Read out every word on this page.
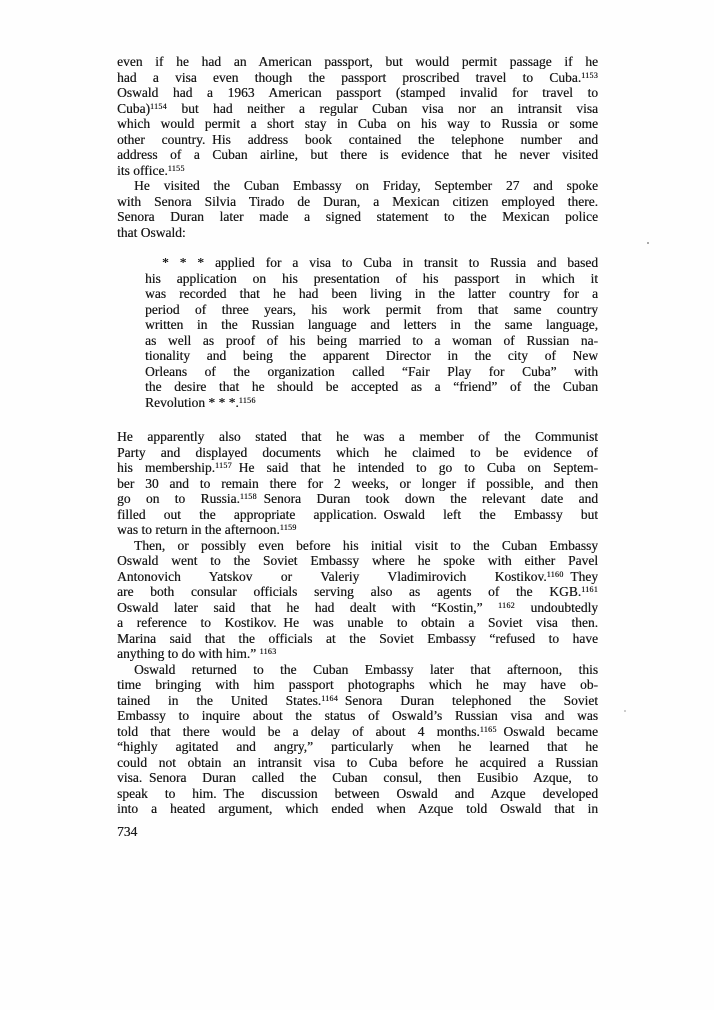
even if he had an American passport, but would permit passage if he
had a visa even though the passport proscribed travel to Cuba.$^{1153}$
Oswald had a 1963 American passport (stamped invalid for travel to
Cuba)$^{1154}$ but had neither a regular Cuban visa nor an intransit visa
which would permit a short stay in Cuba on his way to Russia or some
other country. His address book contained the telephone number and
address of a Cuban airline, but there is evidence that he never visited
its office.$^{1155}$
He visited the Cuban Embassy on Friday, September 27 and spoke
with Senora Silvia Tirado de Duran, a Mexican citizen employed there.
Senora Duran later made a signed statement to the Mexican police
that Oswald:
* * * applied for a visa to Cuba in transit to Russia and based
his application on his presentation of his passport in which it
was recorded that he had been living in the latter country for a
period of three years, his work permit from that same country
written in the Russian language and letters in the same language,
as well as proof of his being married to a woman of Russian na-
tionality and being the apparent Director in the city of New
Orleans of the organization called “Fair Play for Cuba” with
the desire that he should be accepted as a “friend” of the Cuban
Revolution * * *.$^{1156}$
He apparently also stated that he was a member of the Communist
Party and displayed documents which he claimed to be evidence of
his membership.$^{1157}$ He said that he intended to go to Cuba on Septem-
ber 30 and to remain there for 2 weeks, or longer if possible, and then
go on to Russia.$^{1158}$ Senora Duran took down the relevant date and
filled out the appropriate application. Oswald left the Embassy but
was to return in the afternoon.$^{1159}$
Then, or possibly even before his initial visit to the Cuban Embassy
Oswald went to the Soviet Embassy where he spoke with either Pavel
Antonovich Yatskov or Valeriy Vladimirovich Kostikov.$^{1160}$ They
are both consular officials serving also as agents of the KGB.$^{1161}$
Oswald later said that he had dealt with “Kostin,” $^{1162}$ undoubtedly
a reference to Kostikov. He was unable to obtain a Soviet visa then.
Marina said that the officials at the Soviet Embassy “refused to have
anything to do with him.” $^{1163}$
Oswald returned to the Cuban Embassy later that afternoon, this
time bringing with him passport photographs which he may have ob-
tained in the United States.$^{1164}$ Senora Duran telephoned the Soviet
Embassy to inquire about the status of Oswald’s Russian visa and was
told that there would be a delay of about 4 months.$^{1165}$ Oswald became
“highly agitated and angry,” particularly when he learned that he
could not obtain an intransit visa to Cuba before he acquired a Russian
visa. Senora Duran called the Cuban consul, then Eusibio Azque, to
speak to him. The discussion between Oswald and Azque developed
into a heated argument, which ended when Azque told Oswald that in
734
